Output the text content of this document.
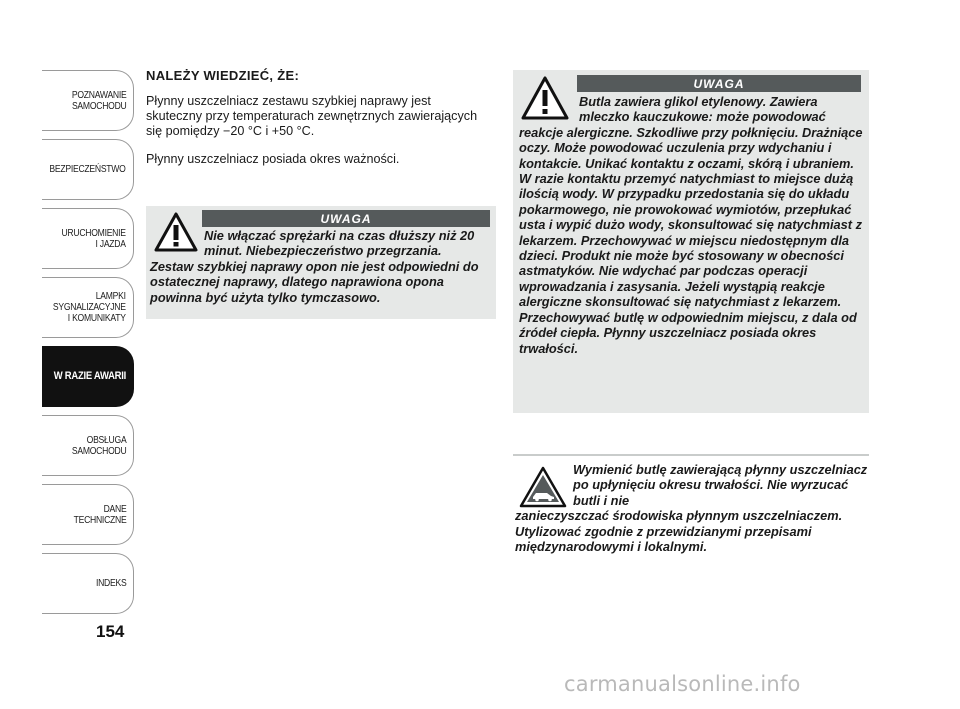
POZNAWANIE
SAMOCHODU
BEZPIECZEŃSTWO
URUCHOMIENIE
I JAZDA
LAMPKI
SYGNALIZACYJNE
I KOMUNIKATY
W RAZIE AWARII
OBSŁUGA
SAMOCHODU
DANE
TECHNICZNE
INDEKS
154
NALEŻY WIEDZIEĆ, ŻE:
Płynny uszczelniacz zestawu szybkiej naprawy jest skuteczny przy temperaturach zewnętrznych zawierających się pomiędzy −20 °C i +50 °C.
Płynny uszczelniacz posiada okres ważności.
UWAGA
Nie włączać sprężarki na czas dłuższy niż 20 minut. Niebezpieczeństwo przegrzania.
Zestaw szybkiej naprawy opon nie jest odpowiedni do ostatecznej naprawy, dlatego naprawiona opona powinna być użyta tylko tymczasowo.
UWAGA
Butla zawiera glikol etylenowy. Zawiera mleczko kauczukowe: może powodować
reakcje alergiczne. Szkodliwe przy połknięciu. Drażniące oczy. Może powodować uczulenia przy wdychaniu i kontakcie. Unikać kontaktu z oczami, skórą i ubraniem. W razie kontaktu przemyć natychmiast to miejsce dużą ilością wody. W przypadku przedostania się do układu pokarmowego, nie prowokować wymiotów, przepłukać usta i wypić dużo wody, skonsultować się natychmiast z lekarzem. Przechowywać w miejscu niedostępnym dla dzieci. Produkt nie może być stosowany w obecności astmatyków. Nie wdychać par podczas operacji wprowadzania i zasysania. Jeżeli wystąpią reakcje alergiczne skonsultować się natychmiast z lekarzem. Przechowywać butlę w odpowiednim miejscu, z dala od źródeł ciepła. Płynny uszczelniacz posiada okres trwałości.
Wymienić butlę zawierającą płynny uszczelniacz po upłynięciu okresu trwałości. Nie wyrzucać butli i nie
zanieczyszczać środowiska płynnym uszczelniaczem. Utylizować zgodnie z przewidzianymi przepisami międzynarodowymi i lokalnymi.
carmanualsonline.info
